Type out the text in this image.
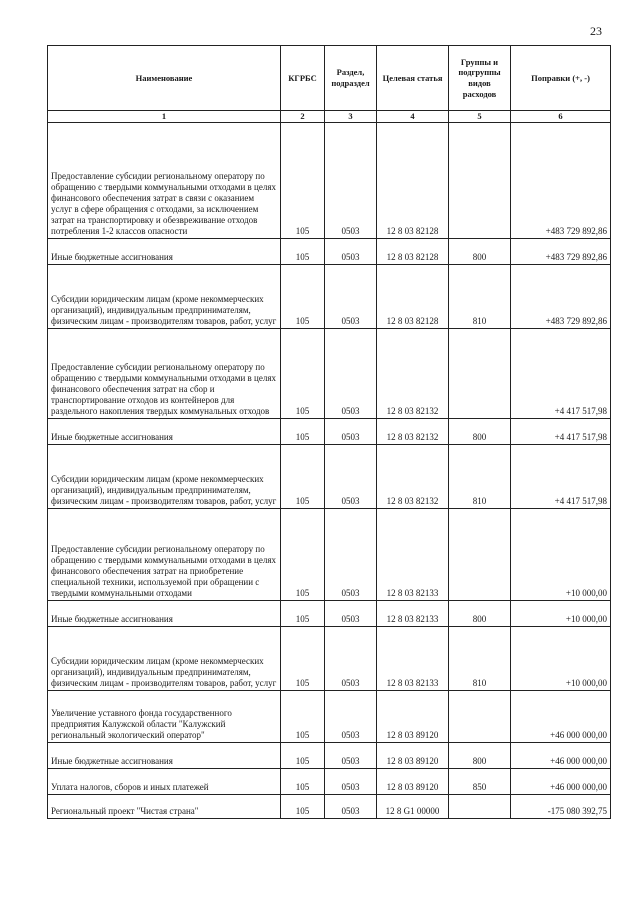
23
Наименование	КГРБС	Раздел, подраздел	Целевая статья	Группы и подгруппы видов расходов	Поправки (+, -)
1	2	3	4	5	6
Предоставление субсидии региональному оператору по обращению с твердыми коммунальными отходами в целях финансового обеспечения затрат в связи с оказанием услуг в сфере обращения с отходами, за исключением затрат на транспортировку и обезвреживание отходов потребления 1-2 классов опасности	105	0503	12 8 03 82128		+483 729 892,86
Иные бюджетные ассигнования	105	0503	12 8 03 82128	800	+483 729 892,86
Субсидии юридическим лицам (кроме некоммерческих организаций), индивидуальным предпринимателям, физическим лицам - производителям товаров, работ, услуг	105	0503	12 8 03 82128	810	+483 729 892,86
Предоставление субсидии региональному оператору по обращению с твердыми коммунальными отходами в целях финансового обеспечения затрат на сбор и транспортирование отходов из контейнеров для раздельного накопления твердых коммунальных отходов	105	0503	12 8 03 82132		+4 417 517,98
Иные бюджетные ассигнования	105	0503	12 8 03 82132	800	+4 417 517,98
Субсидии юридическим лицам (кроме некоммерческих организаций), индивидуальным предпринимателям, физическим лицам - производителям товаров, работ, услуг	105	0503	12 8 03 82132	810	+4 417 517,98
Предоставление субсидии региональному оператору по обращению с твердыми коммунальными отходами в целях финансового обеспечения затрат на приобретение специальной техники, используемой при обращении с твердыми коммунальными отходами	105	0503	12 8 03 82133		+10 000,00
Иные бюджетные ассигнования	105	0503	12 8 03 82133	800	+10 000,00
Субсидии юридическим лицам (кроме некоммерческих организаций), индивидуальным предпринимателям, физическим лицам - производителям товаров, работ, услуг	105	0503	12 8 03 82133	810	+10 000,00
Увеличение уставного фонда государственного предприятия Калужской области "Калужский региональный экологический оператор"	105	0503	12 8 03 89120		+46 000 000,00
Иные бюджетные ассигнования	105	0503	12 8 03 89120	800	+46 000 000,00
Уплата налогов, сборов и иных платежей	105	0503	12 8 03 89120	850	+46 000 000,00
Региональный проект "Чистая страна"	105	0503	12 8 G1 00000		-175 080 392,75
